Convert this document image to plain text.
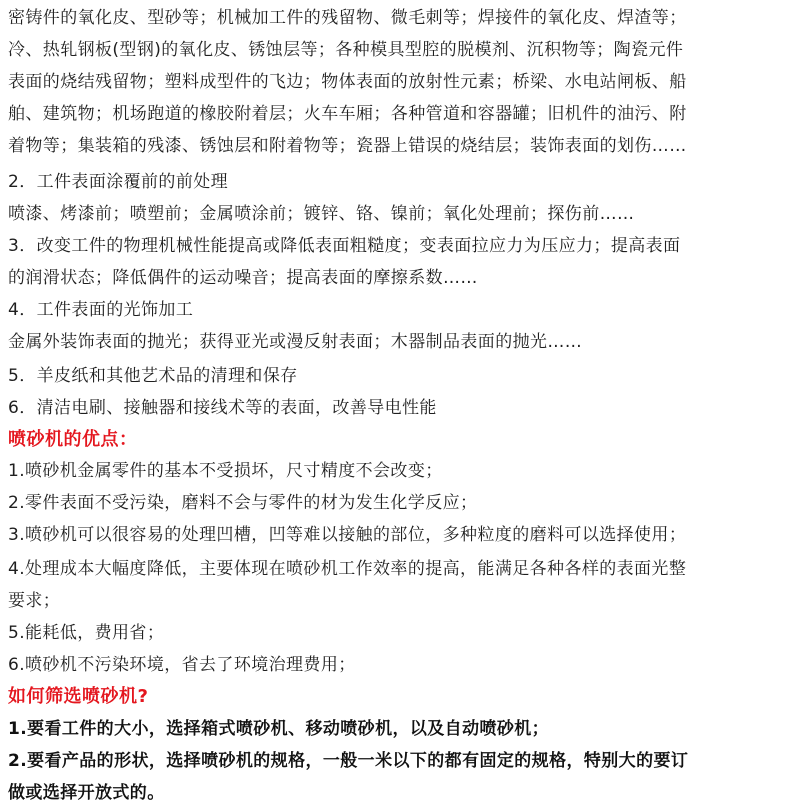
密铸件的氧化皮、型砂等；机械加工件的残留物、微毛刺等；焊接件的氧化皮、焊渣等；
冷、热轧钢板(型钢)的氧化皮、锈蚀层等；各种模具型腔的脱模剂、沉积物等；陶瓷元件
表面的烧结残留物；塑料成型件的飞边；物体表面的放射性元素；桥梁、水电站闸板、船
舶、建筑物；机场跑道的橡胶附着层；火车车厢；各种管道和容器罐；旧机件的油污、附
着物等；集装箱的残漆、锈蚀层和附着物等；瓷器上错误的烧结层；装饰表面的划伤……
2．工件表面涂覆前的前处理
喷漆、烤漆前；喷塑前；金属喷涂前；镀锌、铬、镍前；氧化处理前；探伤前……
3．改变工件的物理机械性能提高或降低表面粗糙度；变表面拉应力为压应力；提高表面
的润滑状态；降低偶件的运动噪音；提高表面的摩擦系数……
4．工件表面的光饰加工
金属外装饰表面的抛光；获得亚光或漫反射表面；木器制品表面的抛光……
5．羊皮纸和其他艺术品的清理和保存
6．清洁电刷、接触器和接线术等的表面，改善导电性能
喷砂机的优点：
1.喷砂机金属零件的基本不受损坏，尺寸精度不会改变；
2.零件表面不受污染，磨料不会与零件的材为发生化学反应；
3.喷砂机可以很容易的处理凹槽，凹等难以接触的部位，多种粒度的磨料可以选择使用；
4.处理成本大幅度降低，主要体现在喷砂机工作效率的提高，能满足各种各样的表面光整
要求；
5.能耗低，费用省；
6.喷砂机不污染环境，省去了环境治理费用；
如何筛选喷砂机?
1.要看工件的大小，选择箱式喷砂机、移动喷砂机，以及自动喷砂机；
2.要看产品的形状，选择喷砂机的规格，一般一米以下的都有固定的规格，特别大的要订
做或选择开放式的。
